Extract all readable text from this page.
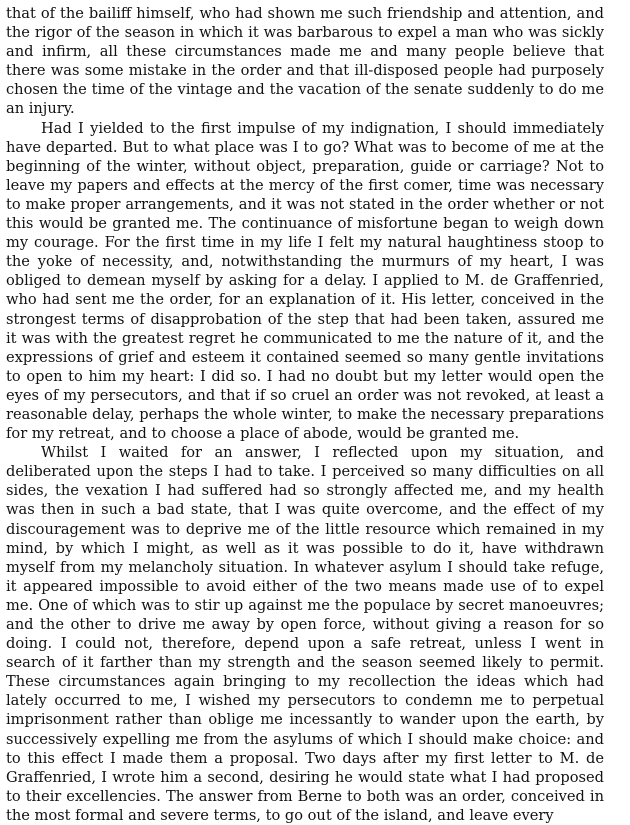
that of the bailiff himself, who had shown me such friendship and attention, and the rigor of the season in which it was barbarous to expel a man who was sickly and infirm, all these circumstances made me and many people believe that there was some mistake in the order and that ill-disposed people had purposely chosen the time of the vintage and the vacation of the senate suddenly to do me an injury.

Had I yielded to the first impulse of my indignation, I should immediately have departed. But to what place was I to go? What was to become of me at the beginning of the winter, without object, preparation, guide or carriage? Not to leave my papers and effects at the mercy of the first comer, time was necessary to make proper arrangements, and it was not stated in the order whether or not this would be granted me. The continuance of misfortune began to weigh down my courage. For the first time in my life I felt my natural haughtiness stoop to the yoke of necessity, and, notwithstanding the murmurs of my heart, I was obliged to demean myself by asking for a delay. I applied to M. de Graffenried, who had sent me the order, for an explanation of it. His letter, conceived in the strongest terms of disapprobation of the step that had been taken, assured me it was with the greatest regret he communicated to me the nature of it, and the expressions of grief and esteem it contained seemed so many gentle invitations to open to him my heart: I did so. I had no doubt but my letter would open the eyes of my persecutors, and that if so cruel an order was not revoked, at least a reasonable delay, perhaps the whole winter, to make the necessary preparations for my retreat, and to choose a place of abode, would be granted me.

Whilst I waited for an answer, I reflected upon my situation, and deliberated upon the steps I had to take. I perceived so many difficulties on all sides, the vexation I had suffered had so strongly affected me, and my health was then in such a bad state, that I was quite overcome, and the effect of my discouragement was to deprive me of the little resource which remained in my mind, by which I might, as well as it was possible to do it, have withdrawn myself from my melancholy situation. In whatever asylum I should take refuge, it appeared impossible to avoid either of the two means made use of to expel me. One of which was to stir up against me the populace by secret manoeuvres; and the other to drive me away by open force, without giving a reason for so doing. I could not, therefore, depend upon a safe retreat, unless I went in search of it farther than my strength and the season seemed likely to permit. These circumstances again bringing to my recollection the ideas which had lately occurred to me, I wished my persecutors to condemn me to perpetual imprisonment rather than oblige me incessantly to wander upon the earth, by successively expelling me from the asylums of which I should make choice: and to this effect I made them a proposal. Two days after my first letter to M. de Graffenried, I wrote him a second, desiring he would state what I had proposed to their excellencies. The answer from Berne to both was an order, conceived in the most formal and severe terms, to go out of the island, and leave every
